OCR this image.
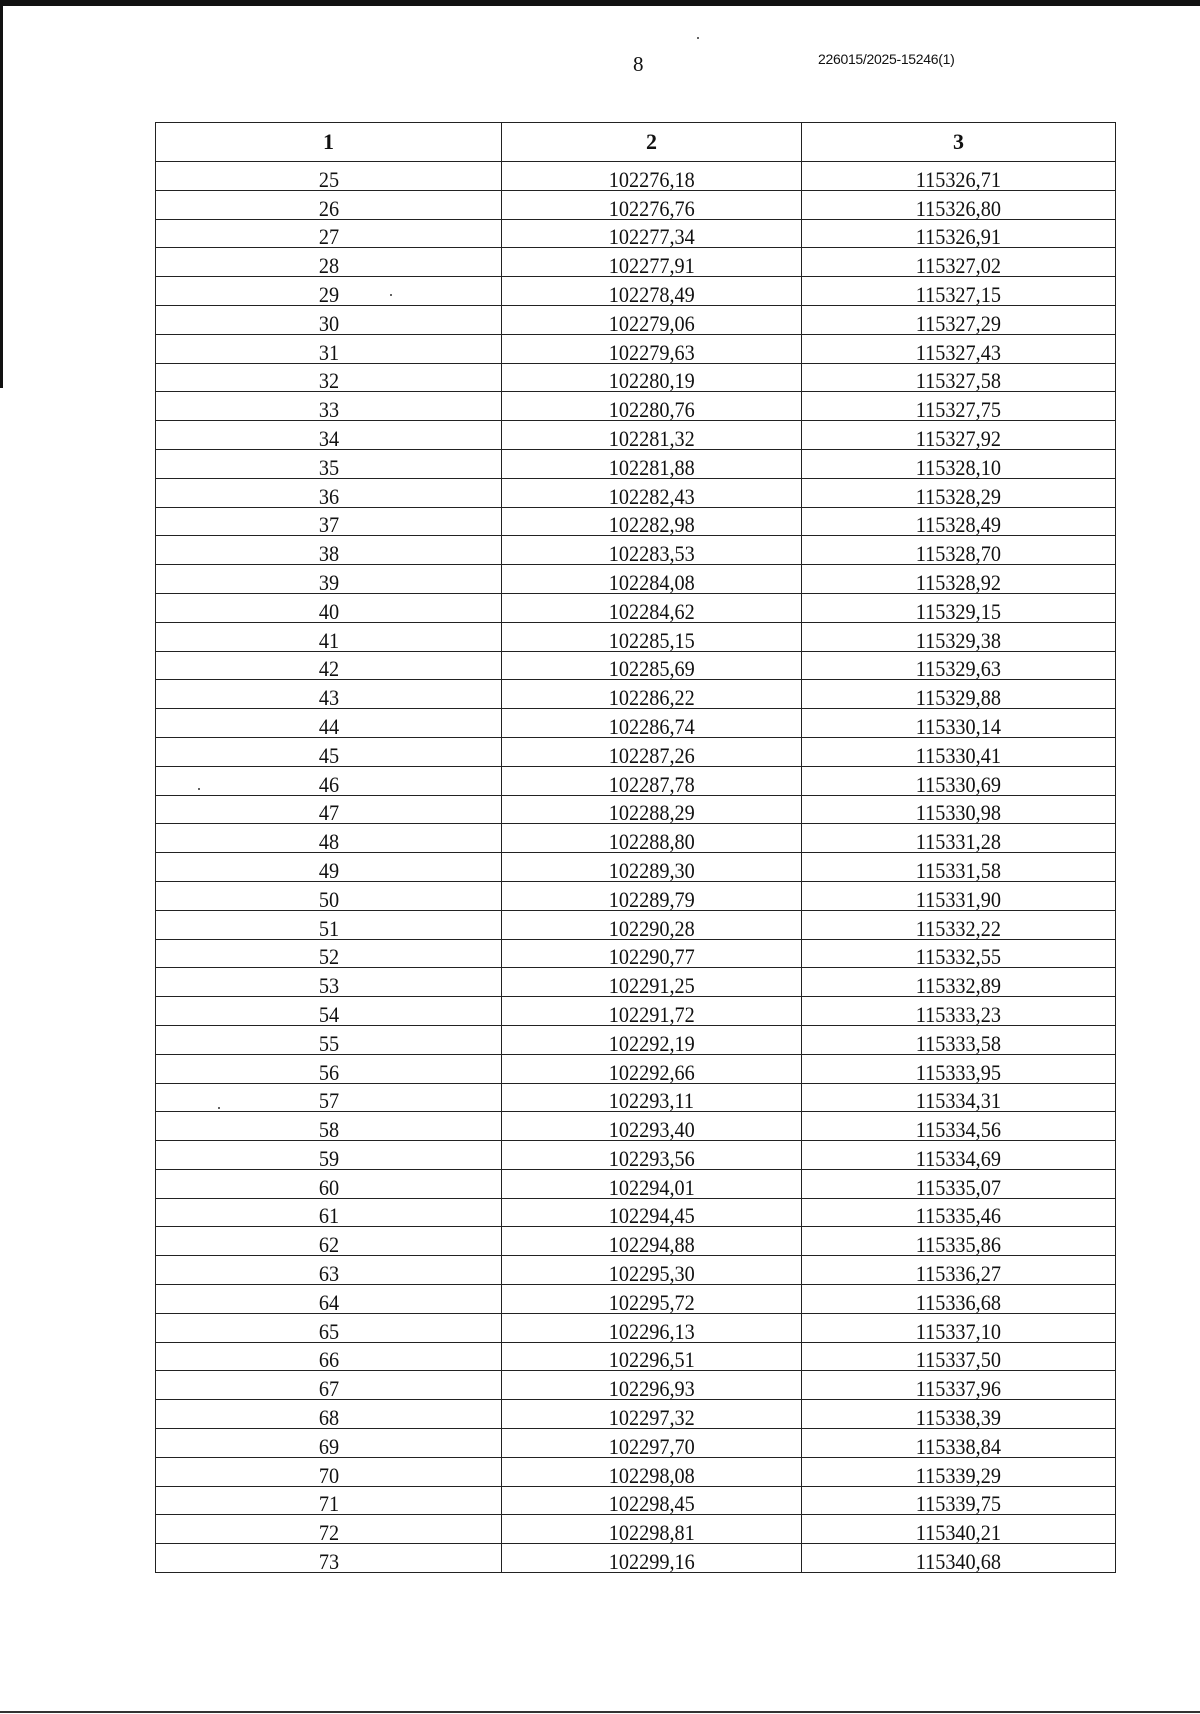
8	226015/2025-15246(1)
1	2	3
25	102276,18	115326,71
26	102276,76	115326,80
27	102277,34	115326,91
28	102277,91	115327,02
29	102278,49	115327,15
30	102279,06	115327,29
31	102279,63	115327,43
32	102280,19	115327,58
33	102280,76	115327,75
34	102281,32	115327,92
35	102281,88	115328,10
36	102282,43	115328,29
37	102282,98	115328,49
38	102283,53	115328,70
39	102284,08	115328,92
40	102284,62	115329,15
41	102285,15	115329,38
42	102285,69	115329,63
43	102286,22	115329,88
44	102286,74	115330,14
45	102287,26	115330,41
46	102287,78	115330,69
47	102288,29	115330,98
48	102288,80	115331,28
49	102289,30	115331,58
50	102289,79	115331,90
51	102290,28	115332,22
52	102290,77	115332,55
53	102291,25	115332,89
54	102291,72	115333,23
55	102292,19	115333,58
56	102292,66	115333,95
57	102293,11	115334,31
58	102293,40	115334,56
59	102293,56	115334,69
60	102294,01	115335,07
61	102294,45	115335,46
62	102294,88	115335,86
63	102295,30	115336,27
64	102295,72	115336,68
65	102296,13	115337,10
66	102296,51	115337,50
67	102296,93	115337,96
68	102297,32	115338,39
69	102297,70	115338,84
70	102298,08	115339,29
71	102298,45	115339,75
72	102298,81	115340,21
73	102299,16	115340,68
